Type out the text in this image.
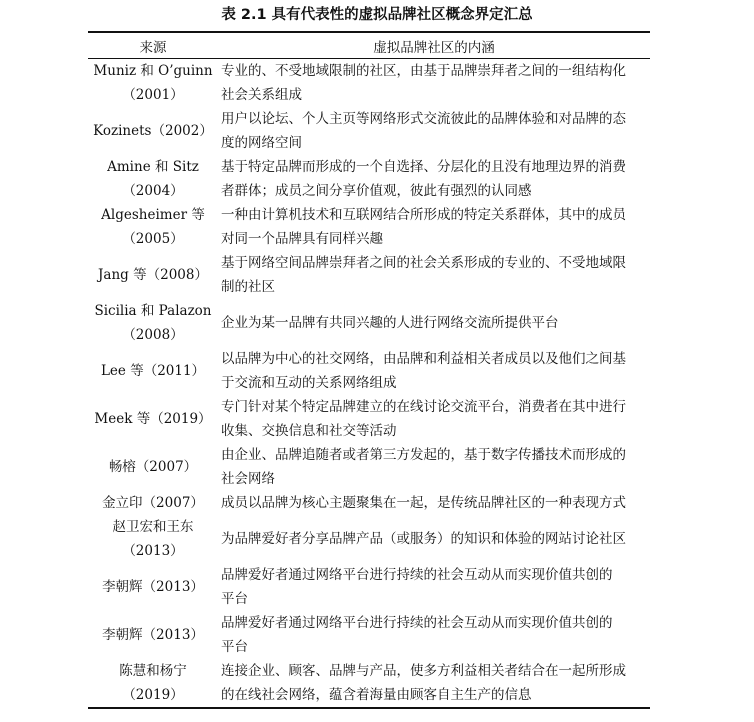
表 2.1 具有代表性的虚拟品牌社区概念界定汇总
来源	虚拟品牌社区的内涵

Muniz 和 O’guinn
（2001）	专业的、不受地域限制的社区，由基于品牌崇拜者之间的一组结构化
社会关系组成

Kozinets（2002）	用户以论坛、个人主页等网络形式交流彼此的品牌体验和对品牌的态
度的网络空间

Amine 和 Sitz
（2004）	基于特定品牌而形成的一个自选择、分层化的且没有地理边界的消费
者群体；成员之间分享价值观，彼此有强烈的认同感

Algesheimer 等
（2005）	一种由计算机技术和互联网结合所形成的特定关系群体，其中的成员
对同一个品牌具有同样兴趣

Jang 等（2008）	基于网络空间品牌崇拜者之间的社会关系形成的专业的、不受地域限
制的社区

Sicilia 和 Palazon
（2008）	企业为某一品牌有共同兴趣的人进行网络交流所提供平台

Lee 等（2011）	以品牌为中心的社交网络，由品牌和利益相关者成员以及他们之间基
于交流和互动的关系网络组成

Meek 等（2019）	专门针对某个特定品牌建立的在线讨论交流平台，消费者在其中进行
收集、交换信息和社交等活动

畅榕（2007）	由企业、品牌追随者或者第三方发起的，基于数字传播技术而形成的
社会网络

金立印（2007）	成员以品牌为核心主题聚集在一起，是传统品牌社区的一种表现方式

赵卫宏和王东
（2013）	为品牌爱好者分享品牌产品（或服务）的知识和体验的网站讨论社区

李朝辉（2013）	品牌爱好者通过网络平台进行持续的社会互动从而实现价值共创的
平台

李朝辉（2013）	品牌爱好者通过网络平台进行持续的社会互动从而实现价值共创的
平台

陈慧和杨宁
（2019）	连接企业、顾客、品牌与产品，使多方利益相关者结合在一起所形成
的在线社会网络，蕴含着海量由顾客自主生产的信息
